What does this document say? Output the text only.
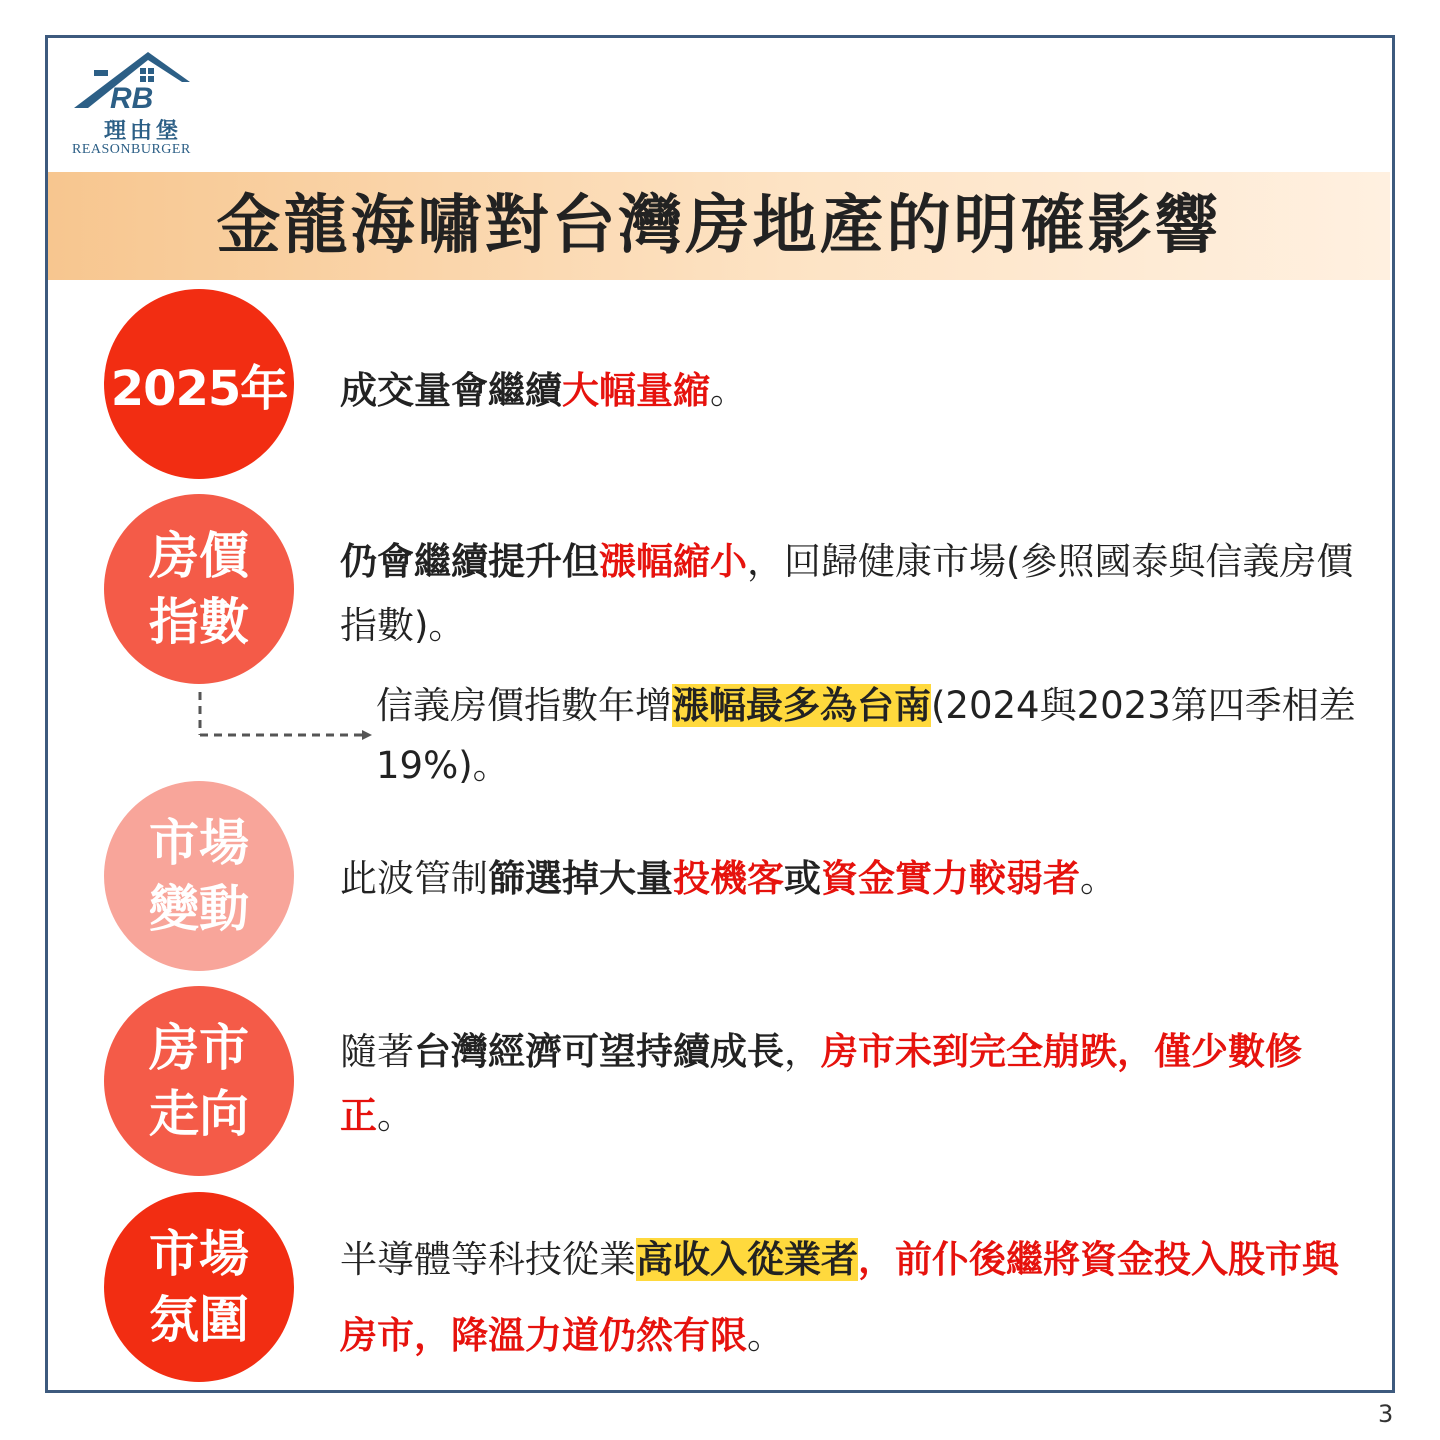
RB
理由堡
REASONBURGER
金龍海嘯對台灣房地產的明確影響
2025年 成交量會繼續大幅量縮。
房價
指數
仍會繼續提升但漲幅縮小，回歸健康市場(參照國泰與信義房價指數)。
信義房價指數年增漲幅最多為台南(2024與2023第四季相差19%)。
市場
變動
此波管制篩選掉大量投機客或資金實力較弱者。
房市
走向
隨著台灣經濟可望持續成長，房市未到完全崩跌，僅少數修正。
市場
氛圍
半導體等科技從業高收入從業者，前仆後繼將資金投入股市與房市，降溫力道仍然有限。
3
